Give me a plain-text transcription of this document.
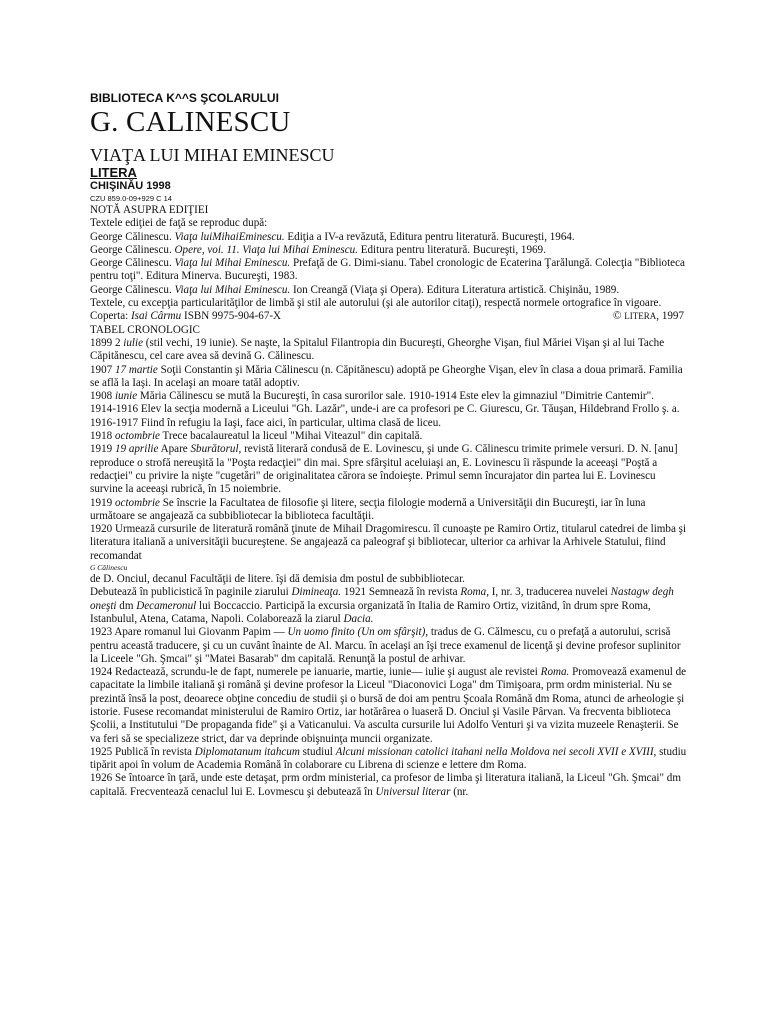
BIBLIOTECA K^^S ŞCOLARULUI

G. CALINESCU

VIAŢA LUI MIHAI EMINESCU

LITERA

CHIŞINĂU 1998

CZU 859.0-09+929 C 14

NOTĂ ASUPRA EDIŢIEI

Textele ediţiei de faţă se reproduc după:

George Călinescu. Viaţa luiMihaiEminescu. Ediţia a IV-a revăzută, Editura pentru literatură. Bucureşti, 1964.

George Călinescu. Opere, voi. 11. Viaţa lui Mihai Eminescu. Editura pentru literatură. Bucureşti, 1969.

George Călinescu. Viaţa lui Mihai Eminescu. Prefaţă de G. Dimi-sianu. Tabel cronologic de Ecaterina Ţarălungă. Colecţia "Biblioteca pentru toţi". Editura Minerva. Bucureşti, 1983.

George Călinescu. Viaţa lui Mihai Eminescu. Ion Creangă (Viaţa şi Opera). Editura Literatura artistică. Chişinău, 1989.

Textele, cu excepţia particularităţilor de limbă şi stil ale autorului (şi ale autorilor citaţi), respectă normele ortografice în vigoare.

Coperta: Isai Cârmu ISBN 9975-904-67-X	© LITERA, 1997

TABEL CRONOLOGIC

1899 2 iulie (stil vechi, 19 iunie). Se naşte, la Spitalul Filantropia din Bucureşti, Gheorghe Vişan, fiul Măriei Vişan şi al lui Tache Căpitănescu, cel care avea să devină G. Călinescu.

1907 17 martie Soţii Constantin şi Măria Călinescu (n. Căpitănescu) adoptă pe Gheorghe Vişan, elev în clasa a doua primară. Familia se află la Iaşi. In acelaşi an moare tatăl adoptiv.

1908 iunie Măria Călinescu se mută la Bucureşti, în casa surorilor sale. 1910-1914 Este elev la gimnaziul "Dimitrie Cantemir".

1914-1916 Elev la secţia modernă a Liceului "Gh. Lazăr", unde-i are ca profesori pe C. Giurescu, Gr. Tăuşan, Hildebrand Frollo ş. a.

1916-1917 Fiind în refugiu la Iaşi, face aici, în particular, ultima clasă de liceu.

1918 octombrie Trece bacalaureatul la liceul "Mihai Viteazul" din capitală.

1919 19 aprilie Apare Sburătorul, revistă literară condusă de E. Lovinescu, şi unde G. Călinescu trimite primele versuri. D. N. [anu] reproduce o strofă nereuşită la "Poşta redacţiei" din mai. Spre sfârşitul aceluiaşi an, E. Lovinescu îi răspunde la aceeaşi "Poştă a redacţiei" cu privire la nişte "cugetări" de originalitatea cărora se îndoieşte. Primul semn încurajator din partea lui E. Lovinescu survine la aceeaşi rubrică, în 15 noiembrie.

1919 octombrie Se înscrie la Facultatea de filosofie şi litere, secţia filologie modernă a Universităţii din Bucureşti, iar în luna următoare se angajează ca subbibliotecar la biblioteca facultăţii.

1920 Urmează cursurile de literatură română ţinute de Mihail Dragomirescu. îl cunoaşte pe Ramiro Ortiz, titularul catedrei de limba şi literatura italiană a universităţii bucureştene. Se angajează ca paleograf şi bibliotecar, ulterior ca arhivar la Arhivele Statului, fiind recomandat

G Călinescu

de D. Onciul, decanul Facultăţii de litere. îşi dă demisia dm postul de subbibliotecar.

Debutează în publicistică în paginile ziarului Dimineaţa. 1921 Semnează în revista Roma, I, nr. 3, traducerea nuvelei Nastagw degh oneşti dm Decameronul lui Boccaccio. Participă la excursia organizată în Italia de Ramiro Ortiz, vizitând, în drum spre Roma, Istanbulul, Atena, Catama, Napoli. Colaborează la ziarul Dacia.

1923 Apare romanul lui Giovanm Papim — Un uomo finito (Un om sfârşit), tradus de G. Călmescu, cu o prefaţă a autorului, scrisă pentru această traducere, şi cu un cuvânt înainte de Al. Marcu. în acelaşi an îşi trece examenul de licenţă şi devine profesor suplinitor la Liceele "Gh. Şmcai" şi "Matei Basarab" dm capitală. Renunţă la postul de arhivar.

1924 Redactează, scrundu-le de fapt, numerele pe ianuarie, martie, iunie— iulie şi august ale revistei Roma. Promovează examenul de capacitate la limbile italiană şi română şi devine profesor la Liceul "Diaconovici Loga" dm Timişoara, prm ordm ministerial. Nu se prezintă însă la post, deoarece obţine concediu de studii şi o bursă de doi am pentru Şcoala Română dm Roma, atunci de arheologie şi istorie. Fusese recomandat ministerului de Ramiro Ortiz, iar hotărârea o luaseră D. Onciul şi Vasile Pârvan. Va frecventa biblioteca Şcolii, a Institutului "De propaganda fide" şi a Vaticanului. Va asculta cursurile lui Adolfo Venturi şi va vizita muzeele Renaşterii. Se va feri să se specializeze strict, dar va deprinde obişnuinţa muncii organizate.

1925 Publică în revista Diplomatanum itahcum studiul Alcuni missionan catolici itahani nella Moldova nei secoli XVII e XVIII, studiu tipărit apoi în volum de Academia Română în colaborare cu Librena di scienze e lettere dm Roma.

1926 Se întoarce în ţară, unde este detaşat, prm ordm ministerial, ca profesor de limba şi literatura italiană, la Liceul "Gh. Şmcai" dm capitală. Frecventează cenaclul lui E. Lovmescu şi debutează în Universul literar (nr.
